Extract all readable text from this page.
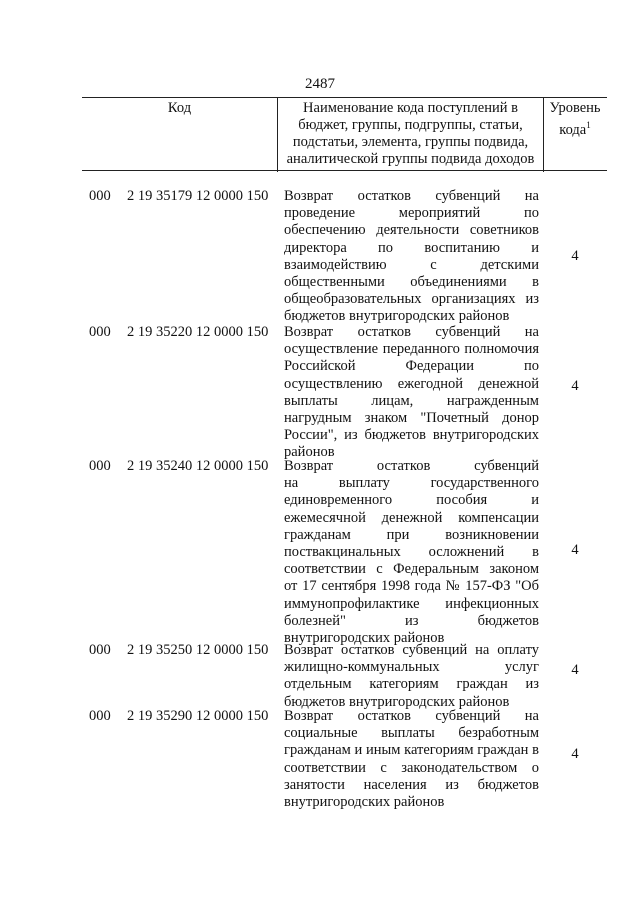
2487
Код	Наименование кода поступлений в
бюджет, группы, подгруппы, статьи,
подстатьи, элемента, группы подвида,
аналитической группы подвида доходов
Уровень
кода$^1$
000 2 19 35179 12 0000 150 Возврат остатков субвенций на
проведение мероприятий по
обеспечению деятельности советников
директора по воспитанию и
взаимодействию с детскими
общественными объединениями в
общеобразовательных организациях из
бюджетов внутригородских районов
4
000 2 19 35220 12 0000 150 Возврат остатков субвенций на
осуществление переданного полномочия
Российской Федерации по
осуществлению ежегодной денежной
выплаты лицам, награжденным
нагрудным знаком "Почетный донор
России", из бюджетов внутригородских
районов
4
000 2 19 35240 12 0000 150 Возврат остатков субвенций
на выплату государственного
единовременного пособия и
ежемесячной денежной компенсации
гражданам при возникновении
поствакцинальных осложнений в
соответствии с Федеральным законом
от 17 сентября 1998 года № 157-ФЗ "Об
иммунопрофилактике инфекционных
болезней" из бюджетов
внутригородских районов
4
000 2 19 35250 12 0000 150 Возврат остатков субвенций на оплату
жилищно-коммунальных услуг
отдельным категориям граждан из
бюджетов внутригородских районов
4
000 2 19 35290 12 0000 150 Возврат остатков субвенций на
социальные выплаты безработным
гражданам и иным категориям граждан в
соответствии с законодательством о
занятости населения из бюджетов
внутригородских районов
4
